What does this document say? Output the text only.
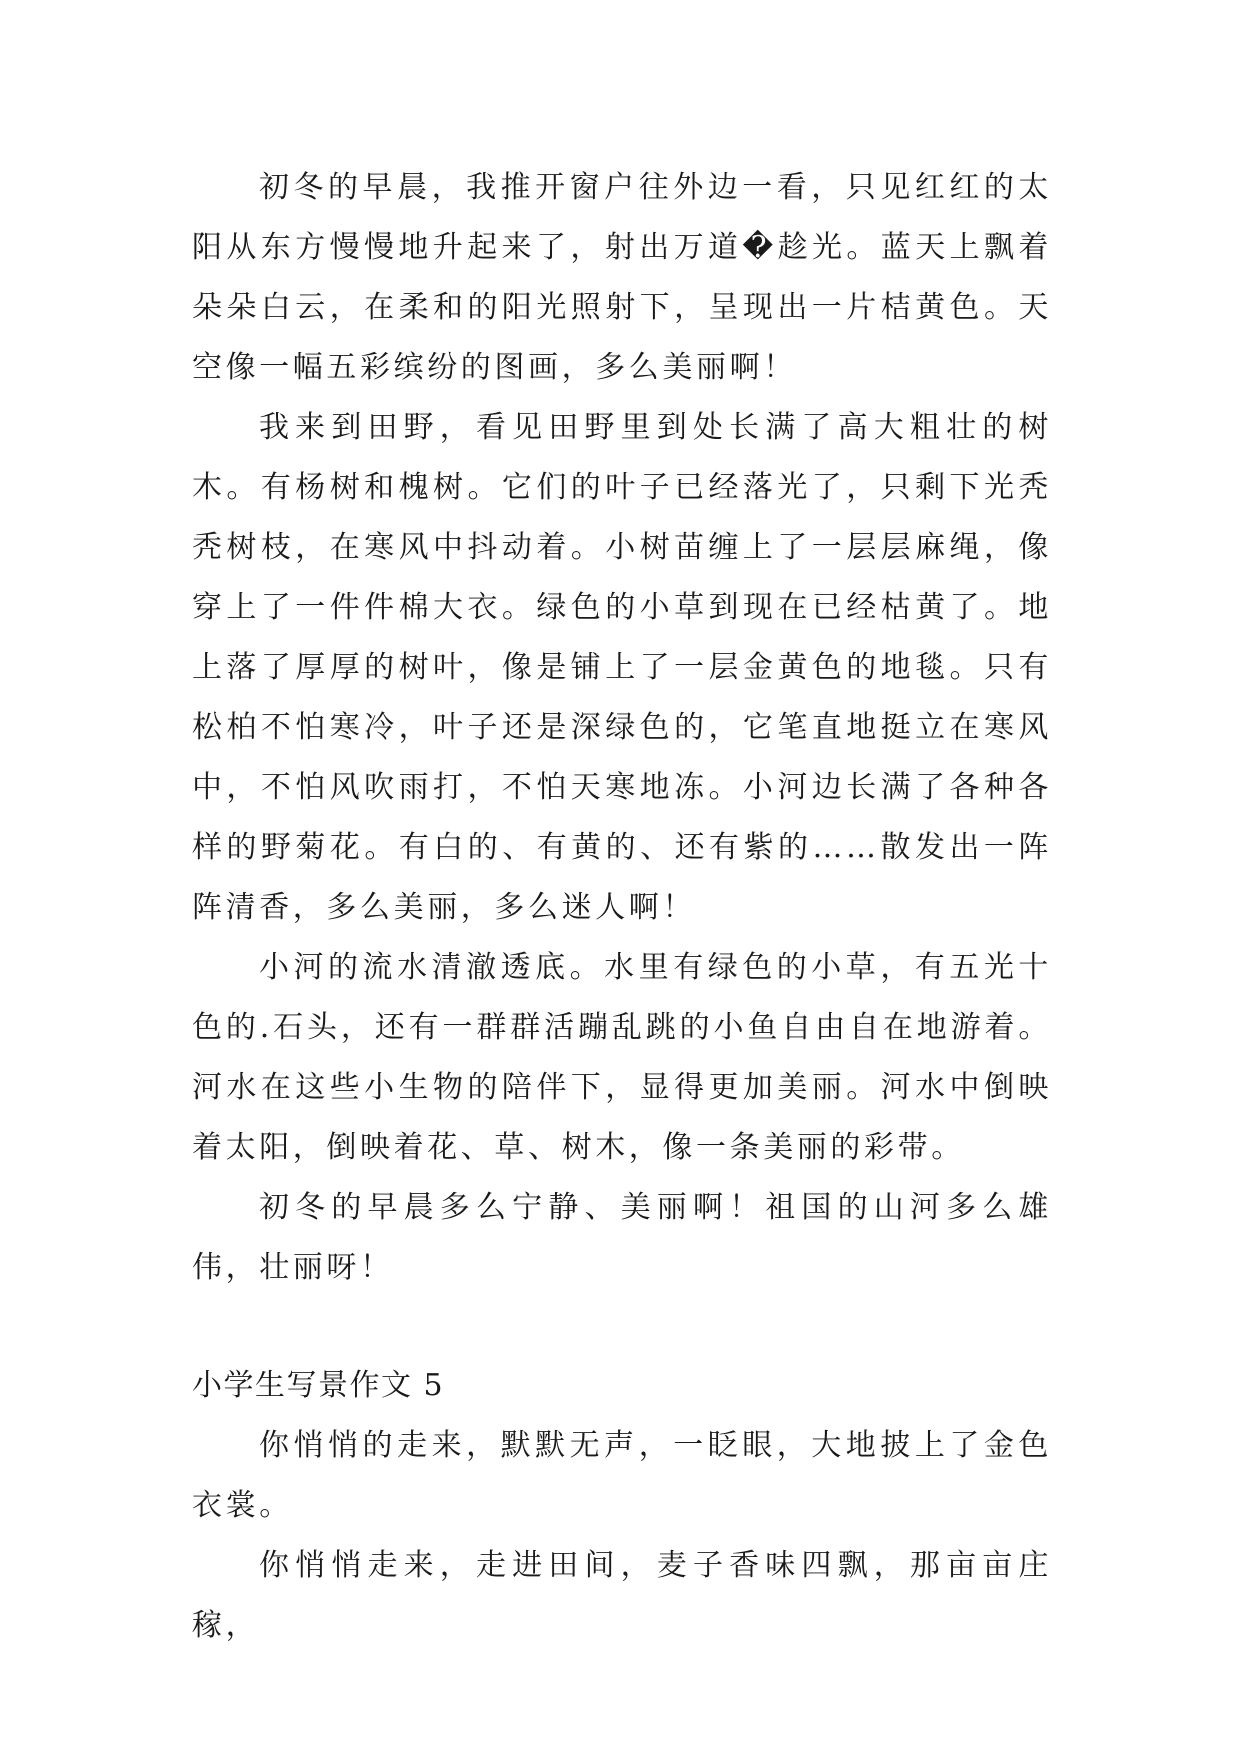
初冬的早晨，我推开窗户往外边一看，只见红红的太阳从东方慢慢地升起来了，射出万道�趁光。蓝天上飘着朵朵白云，在柔和的阳光照射下，呈现出一片桔黄色。天空像一幅五彩缤纷的图画，多么美丽啊！

我来到田野，看见田野里到处长满了高大粗壮的树木。有杨树和槐树。它们的叶子已经落光了，只剩下光秃秃树枝，在寒风中抖动着。小树苗缠上了一层层麻绳，像穿上了一件件棉大衣。绿色的小草到现在已经枯黄了。地上落了厚厚的树叶，像是铺上了一层金黄色的地毯。只有松柏不怕寒冷，叶子还是深绿色的，它笔直地挺立在寒风中，不怕风吹雨打，不怕天寒地冻。小河边长满了各种各样的野菊花。有白的、有黄的、还有紫的……散发出一阵阵清香，多么美丽，多么迷人啊！

小河的流水清澈透底。水里有绿色的小草，有五光十色的.石头，还有一群群活蹦乱跳的小鱼自由自在地游着。河水在这些小生物的陪伴下，显得更加美丽。河水中倒映着太阳，倒映着花、草、树木，像一条美丽的彩带。

初冬的早晨多么宁静、美丽啊！祖国的山河多么雄伟，壮丽呀！

小学生写景作文 5

你悄悄的走来，默默无声，一眨眼，大地披上了金色衣裳。

你悄悄走来，走进田间，麦子香味四飘，那亩亩庄稼，
